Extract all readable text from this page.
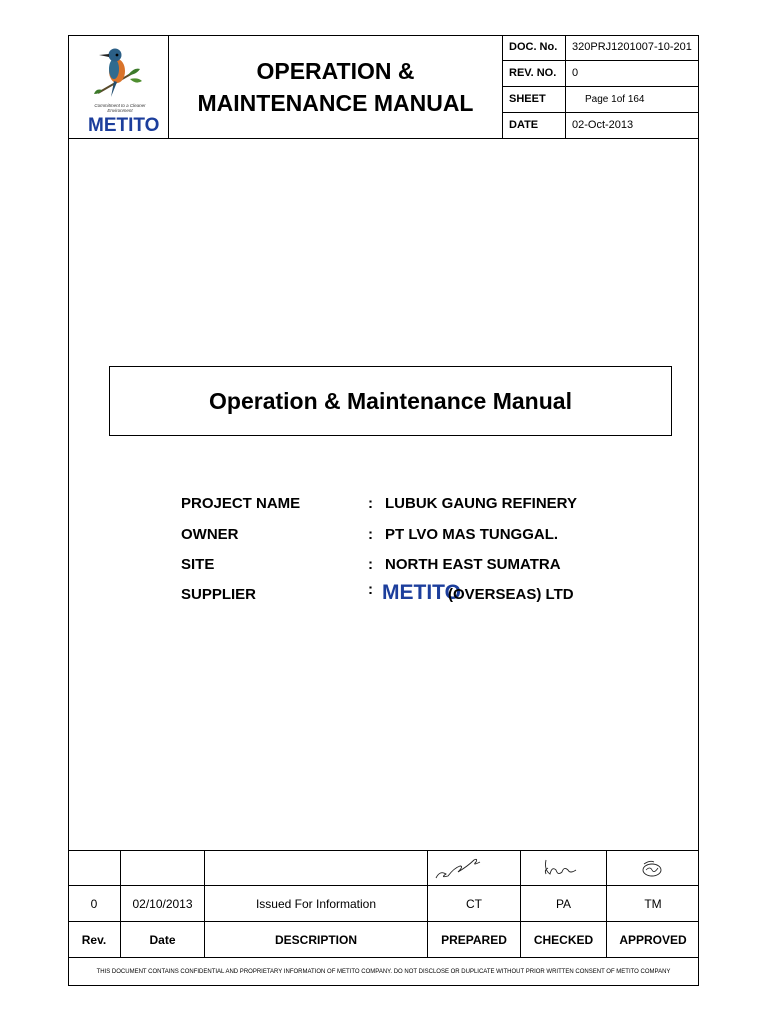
Commitment to a Cleaner Environment
METITO
OPERATION &
MAINTENANCE MANUAL
DOC. No.	320PRJ1201007-10-201
REV. NO.	0
SHEET	Page 1of 164
DATE	02-Oct-2013
Operation & Maintenance Manual
PROJECT NAME	: LUBUK GAUNG REFINERY
OWNER	: PT LVO MAS TUNGGAL.
SITE	: NORTH EAST SUMATRA
SUPPLIER	: METITO
(OVERSEAS) LTD
0	02/10/2013	Issued For Information	CT	PA	TM
Rev.	Date	DESCRIPTION	PREPARED	CHECKED	APPROVED
THIS DOCUMENT CONTAINS CONFIDENTIAL AND PROPRIETARY INFORMATION OF METITO COMPANY. DO NOT DISCLOSE OR DUPLICATE WITHOUT PRIOR WRITTEN CONSENT OF METITO COMPANY
